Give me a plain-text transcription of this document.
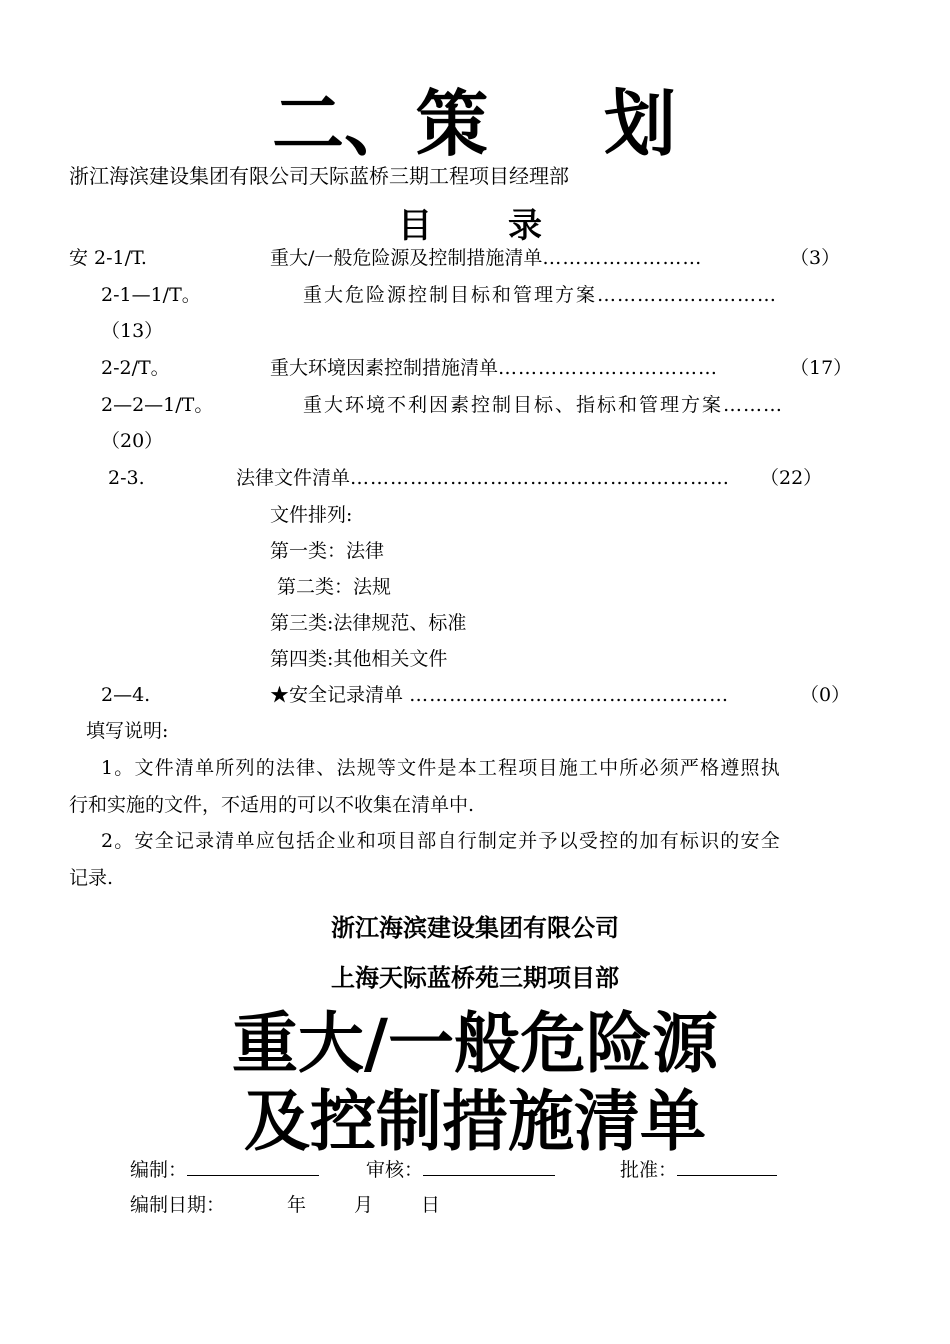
二、策 划
浙江海滨建设集团有限公司天际蓝桥三期工程项目经理部
目 录
安 2-1/T.	重大/一般危险源及控制措施清单……………………	（3）
2-1—1/T。	重大危险源控制目标和管理方案………………………
（13）
2-2/T。	重大环境因素控制措施清单……………………………	（17）
2—2—1/T。	重大环境不利因素控制目标、指标和管理方案………
（20）
2-3.	法律文件清单………………………………………………… （22）
文件排列:
第一类：法律
第二类：法规
第三类:法律规范、标准
第四类:其他相关文件
2—4.	★安全记录清单 …………………………………………	（0）
填写说明:
1。文件清单所列的法律、法规等文件是本工程项目施工中所必须严格遵照执
行和实施的文件，不适用的可以不收集在清单中.
2。安全记录清单应包括企业和项目部自行制定并予以受控的加有标识的安全
记录.
浙江海滨建设集团有限公司
上海天际蓝桥苑三期项目部
重大/一般危险源
及控制措施清单
编制：	审核：	批准：
编制日期：	年	月	日
